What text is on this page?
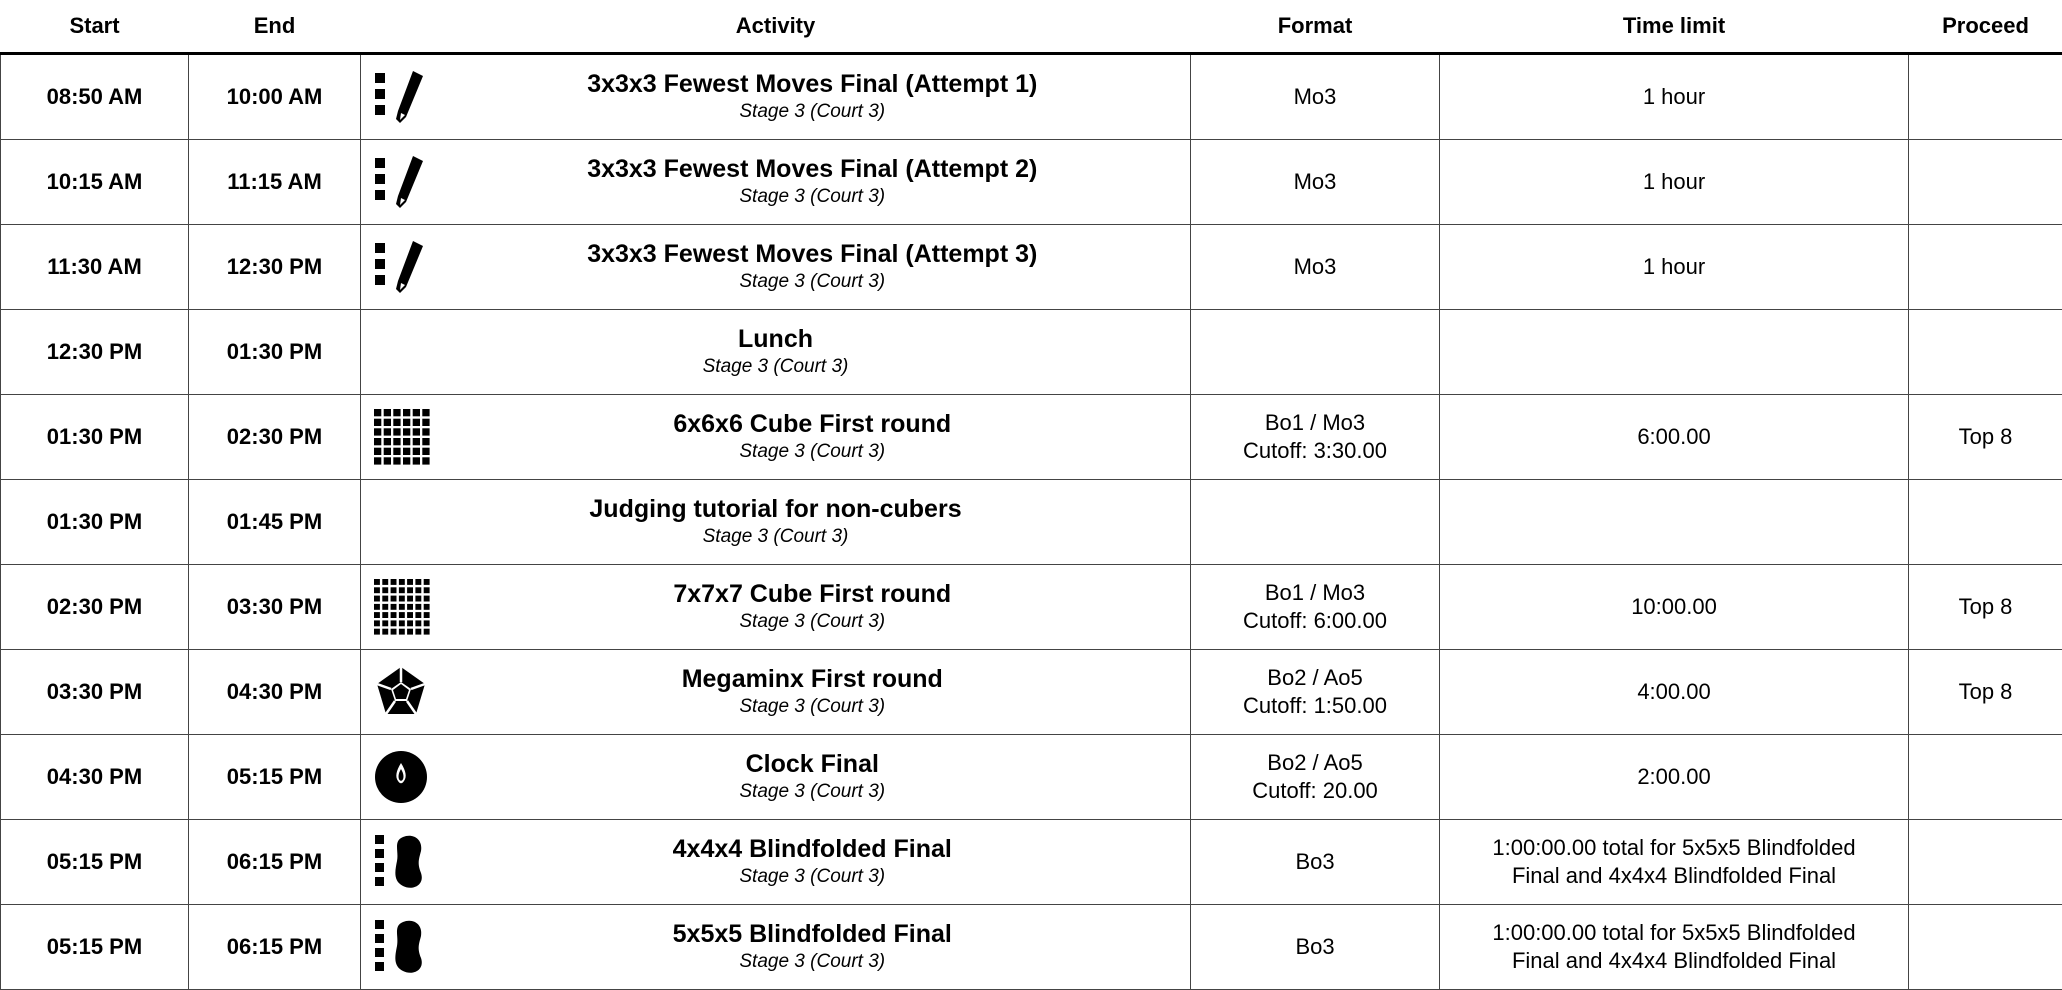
Start	End	Activity		Format	Time limit	Proceed
08:50 AM	10:00 AM		3x3x3 Fewest Moves Final (Attempt 1)
Stage 3 (Court 3)	Mo3	1 hour	

10:15 AM	11:15 AM		3x3x3 Fewest Moves Final (Attempt 2)
Stage 3 (Court 3)	Mo3	1 hour	

11:30 AM	12:30 PM		3x3x3 Fewest Moves Final (Attempt 3)
Stage 3 (Court 3)	Mo3	1 hour	

12:30 PM	01:30 PM	Lunch
Stage 3 (Court 3)				

01:30 PM	02:30 PM		6x6x6 Cube First round
Stage 3 (Court 3)	Bo1 / Mo3
Cutoff: 3:30.00	6:00.00	Top 8
01:30 PM	01:45 PM	Judging tutorial for non-cubers
Stage 3 (Court 3)				

02:30 PM	03:30 PM		7x7x7 Cube First round
Stage 3 (Court 3)	Bo1 / Mo3
Cutoff: 6:00.00	10:00.00	Top 8
03:30 PM	04:30 PM		Megaminx First round
Stage 3 (Court 3)	Bo2 / Ao5
Cutoff: 1:50.00	4:00.00	Top 8
04:30 PM	05:15 PM		Clock Final
Stage 3 (Court 3)	Bo2 / Ao5
Cutoff: 20.00	2:00.00	

05:15 PM	06:15 PM		4x4x4 Blindfolded Final
Stage 3 (Court 3)	Bo3	1:00:00.00 total for 5x5x5 Blindfolded
Final and 4x4x4 Blindfolded Final	

05:15 PM	06:15 PM		5x5x5 Blindfolded Final
Stage 3 (Court 3)	Bo3	1:00:00.00 total for 5x5x5 Blindfolded
Final and 4x4x4 Blindfolded Final	
